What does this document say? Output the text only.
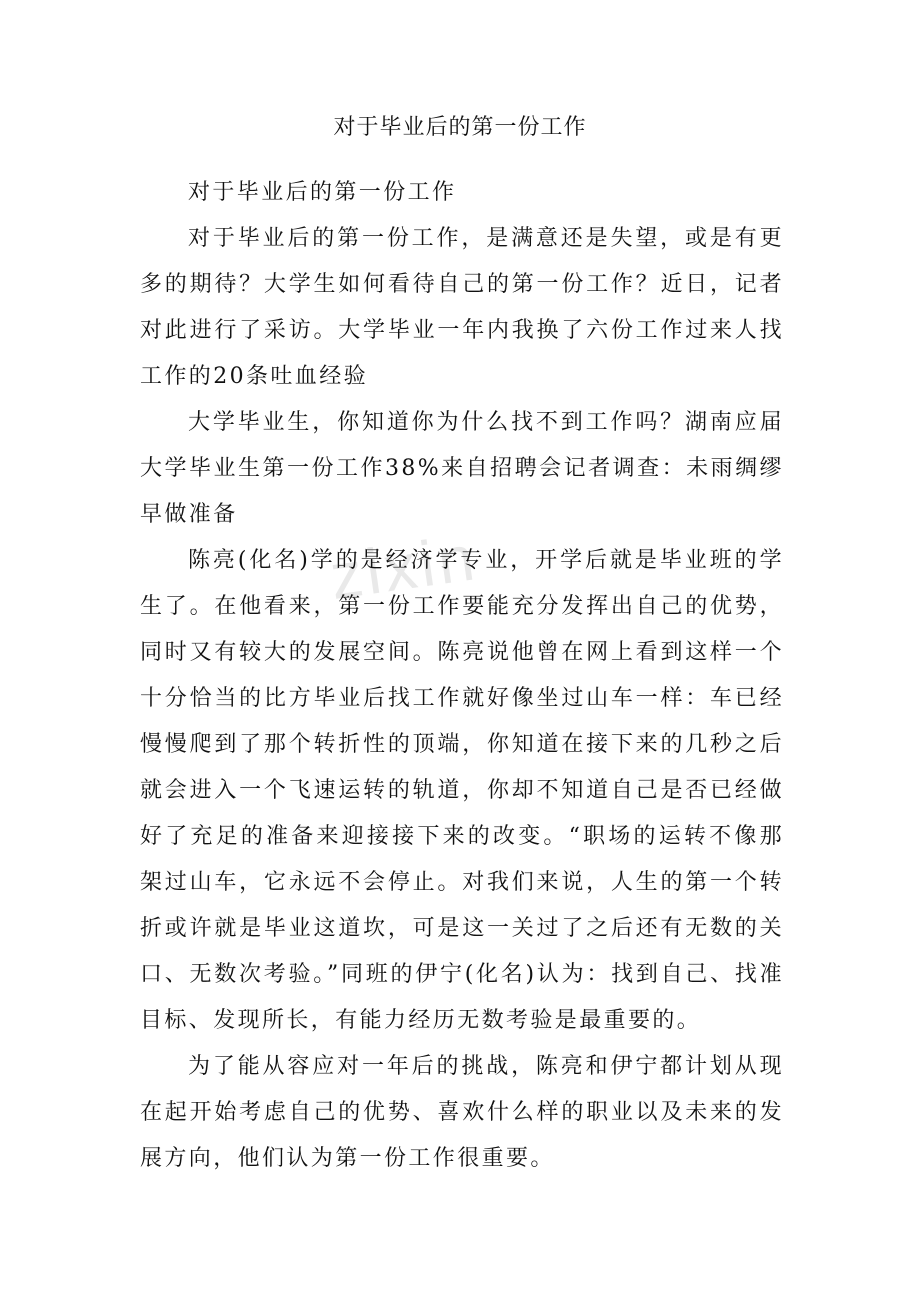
zixin
对于毕业后的第一份工作

对于毕业后的第一份工作

对于毕业后的第一份工作，是满意还是失望，或是有更多的期待？大学生如何看待自己的第一份工作？近日，记者对此进行了采访。大学毕业一年内我换了六份工作过来人找工作的20条吐血经验

大学毕业生，你知道你为什么找不到工作吗？湖南应届大学毕业生第一份工作38%来自招聘会记者调查：未雨绸缪早做准备

陈亮(化名)学的是经济学专业，开学后就是毕业班的学生了。在他看来，第一份工作要能充分发挥出自己的优势，同时又有较大的发展空间。陈亮说他曾在网上看到这样一个十分恰当的比方毕业后找工作就好像坐过山车一样：车已经慢慢爬到了那个转折性的顶端，你知道在接下来的几秒之后就会进入一个飞速运转的轨道，你却不知道自己是否已经做好了充足的准备来迎接接下来的改变。“职场的运转不像那架过山车，它永远不会停止。对我们来说，人生的第一个转折或许就是毕业这道坎，可是这一关过了之后还有无数的关口、无数次考验。”同班的伊宁(化名)认为：找到自己、找准目标、发现所长，有能力经历无数考验是最重要的。

为了能从容应对一年后的挑战，陈亮和伊宁都计划从现在起开始考虑自己的优势、喜欢什么样的职业以及未来的发展方向，他们认为第一份工作很重要。
